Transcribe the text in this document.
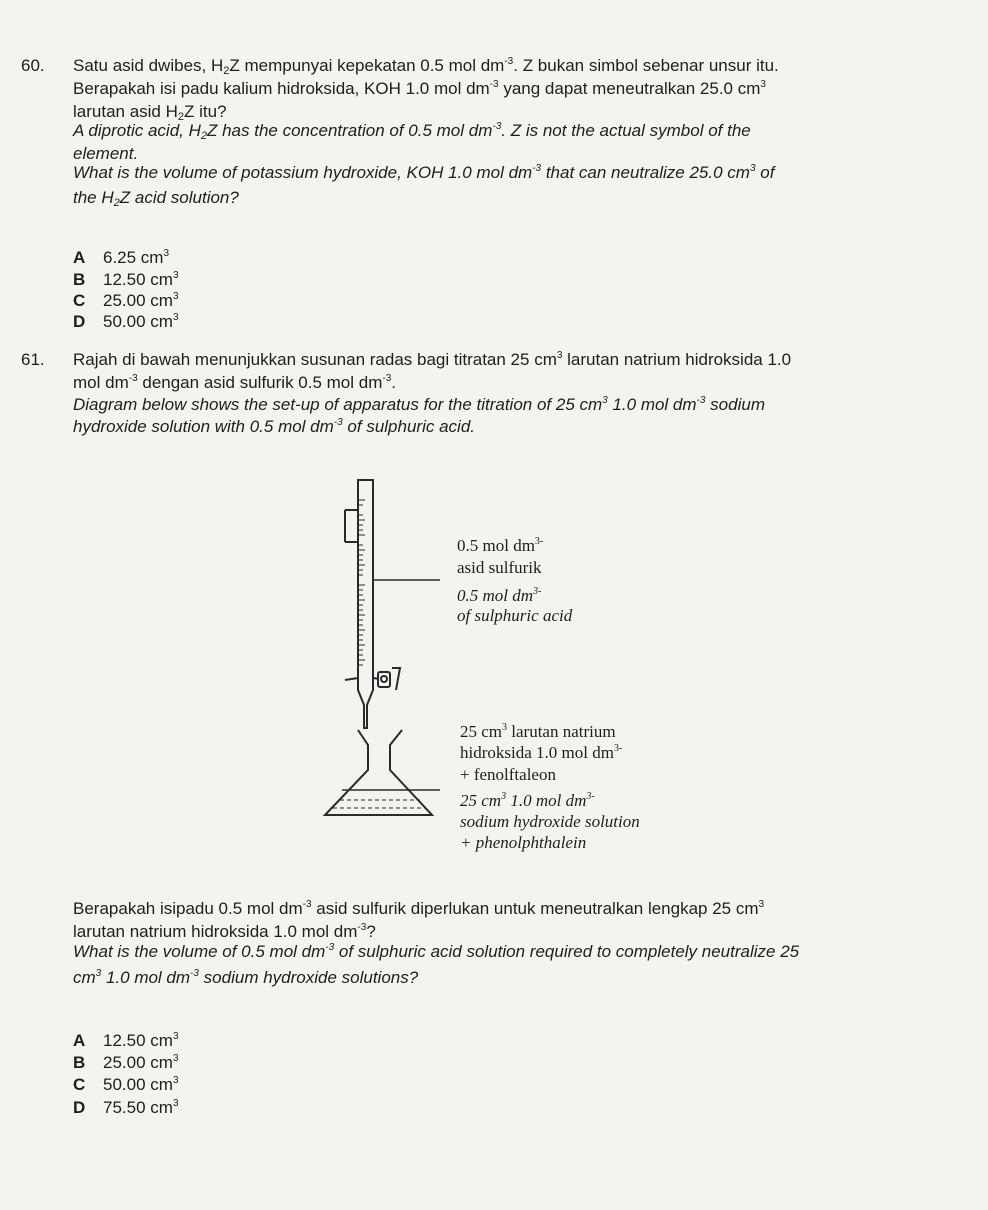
60. Satu asid dwibes, $H_2Z$ mempunyai kepekatan 0.5 mol $dm^{-3}$. Z bukan simbol sebenar unsur itu.
Berapakah isi padu kalium hidroksida, KOH 1.0 mol $dm^{-3}$ yang dapat meneutralkan 25.0 $cm^3$
larutan asid $H_2Z$ itu?
A diprotic acid, $H_2Z$ has the concentration of 0.5 mol $dm^{-3}$. Z is not the actual symbol of the
element.
What is the volume of potassium hydroxide, KOH 1.0 mol $dm^{-3}$ that can neutralize 25.0 $cm^3$ of
the $H_2Z$ acid solution?
A 6.25 $cm^3$
B 12.50 $cm^3$
C 25.00 $cm^3$
D 50.00 $cm^3$
61. Rajah di bawah menunjukkan susunan radas bagi titratan 25 $cm^3$ larutan natrium hidroksida 1.0
mol $dm^{-3}$ dengan asid sulfurik 0.5 mol $dm^{-3}$.
Diagram below shows the set-up of apparatus for the titration of 25 $cm^3$ 1.0 mol $dm^{-3}$ sodium
hydroxide solution with 0.5 mol $dm^{-3}$ of sulphuric acid.
0.5 mol $dm^{3-}$
asid sulfurik
0.5 mol $dm^{3-}$
of sulphuric acid
25 $cm^3$ larutan natrium
hidroksida 1.0 mol $dm^{3-}$
+ fenolftaleon
25 $cm^3$ 1.0 mol $dm^{3-}$
sodium hydroxide solution
+ phenolphthalein
Berapakah isipadu 0.5 mol $dm^{-3}$ asid sulfurik diperlukan untuk meneutralkan lengkap 25 $cm^3$
larutan natrium hidroksida 1.0 mol $dm^{-3}$?
What is the volume of 0.5 mol $dm^{-3}$ of sulphuric acid solution required to completely neutralize 25
$cm^3$ 1.0 mol $dm^{-3}$ sodium hydroxide solutions?
A 12.50 $cm^3$
B 25.00 $cm^3$
C 50.00 $cm^3$
D 75.50 $cm^3$
